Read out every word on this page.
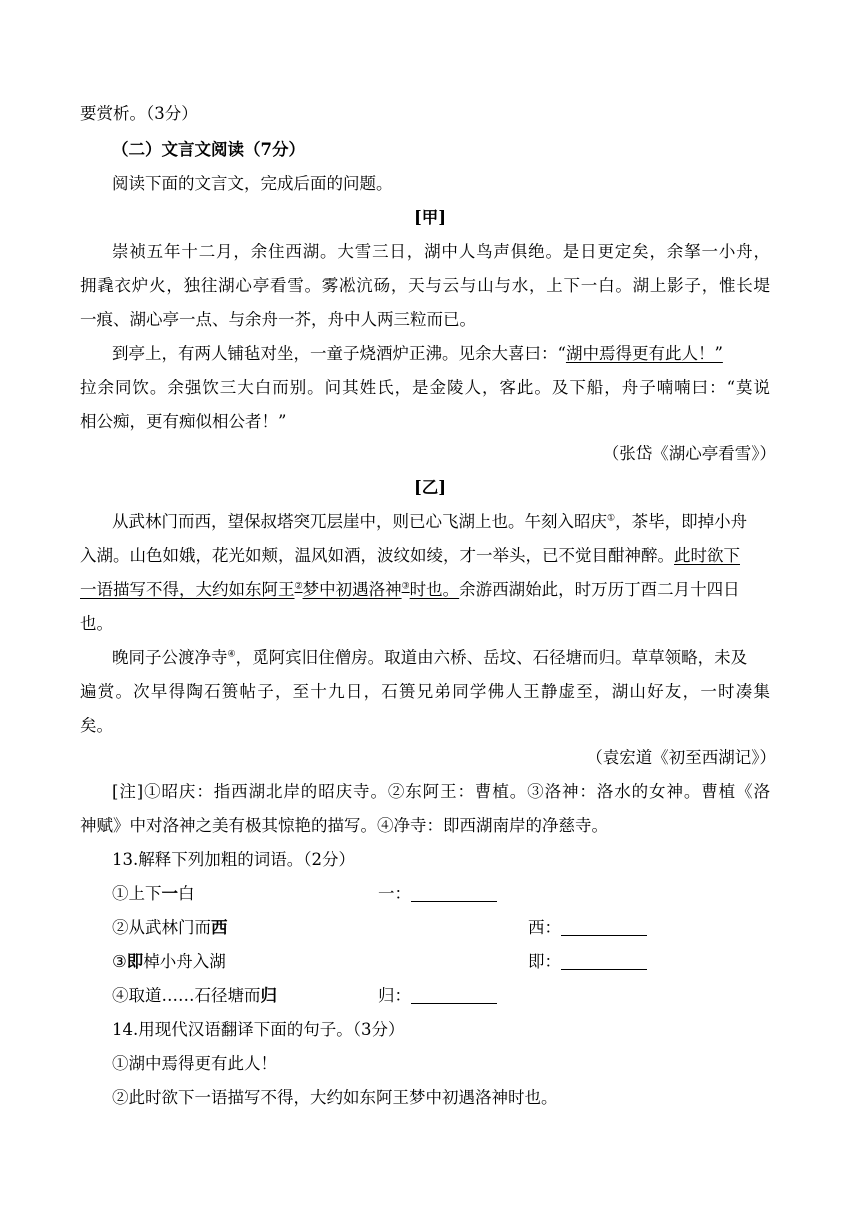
要赏析。（3分）
（二）文言文阅读（7分）
阅读下面的文言文，完成后面的问题。
[甲]
崇祯五年十二月，余住西湖。大雪三日，湖中人鸟声俱绝。是日更定矣，余拏一小舟，
拥毳衣炉火，独往湖心亭看雪。雾凇沆砀，天与云与山与水，上下一白。湖上影子，惟长堤
一痕、湖心亭一点、与余舟一芥，舟中人两三粒而已。
到亭上，有两人铺毡对坐，一童子烧酒炉正沸。见余大喜曰：“湖中焉得更有此人！”
拉余同饮。余强饮三大白而别。问其姓氏，是金陵人，客此。及下船，舟子喃喃曰：“莫说
相公痴，更有痴似相公者！”
（张岱《湖心亭看雪》）
[乙]
从武林门而西，望保叔塔突兀层崖中，则已心飞湖上也。午刻入昭庆①，茶毕，即掉小舟
入湖。山色如娥，花光如颊，温风如酒，波纹如绫，才一举头，已不觉目酣神醉。此时欲下
一语描写不得，大约如东阿王②梦中初遇洛神③时也。余游西湖始此，时万历丁酉二月十四日
也。
晚同子公渡净寺④，觅阿宾旧住僧房。取道由六桥、岳坟、石径塘而归。草草领略，未及
遍赏。次早得陶石篑帖子，至十九日，石篑兄弟同学佛人王静虚至，湖山好友，一时凑集
矣。
（袁宏道《初至西湖记》）
[注]①昭庆：指西湖北岸的昭庆寺。②东阿王：曹植。③洛神：洛水的女神。曹植《洛
神赋》中对洛神之美有极其惊艳的描写。④净寺：即西湖南岸的净慈寺。
13.解释下列加粗的词语。（2分）
①上下一白	一：
②从武林门而西	西：
③即棹小舟入湖	即：
④取道……石径塘而归	归：
14.用现代汉语翻译下面的句子。（3分）
①湖中焉得更有此人！
②此时欲下一语描写不得，大约如东阿王梦中初遇洛神时也。
